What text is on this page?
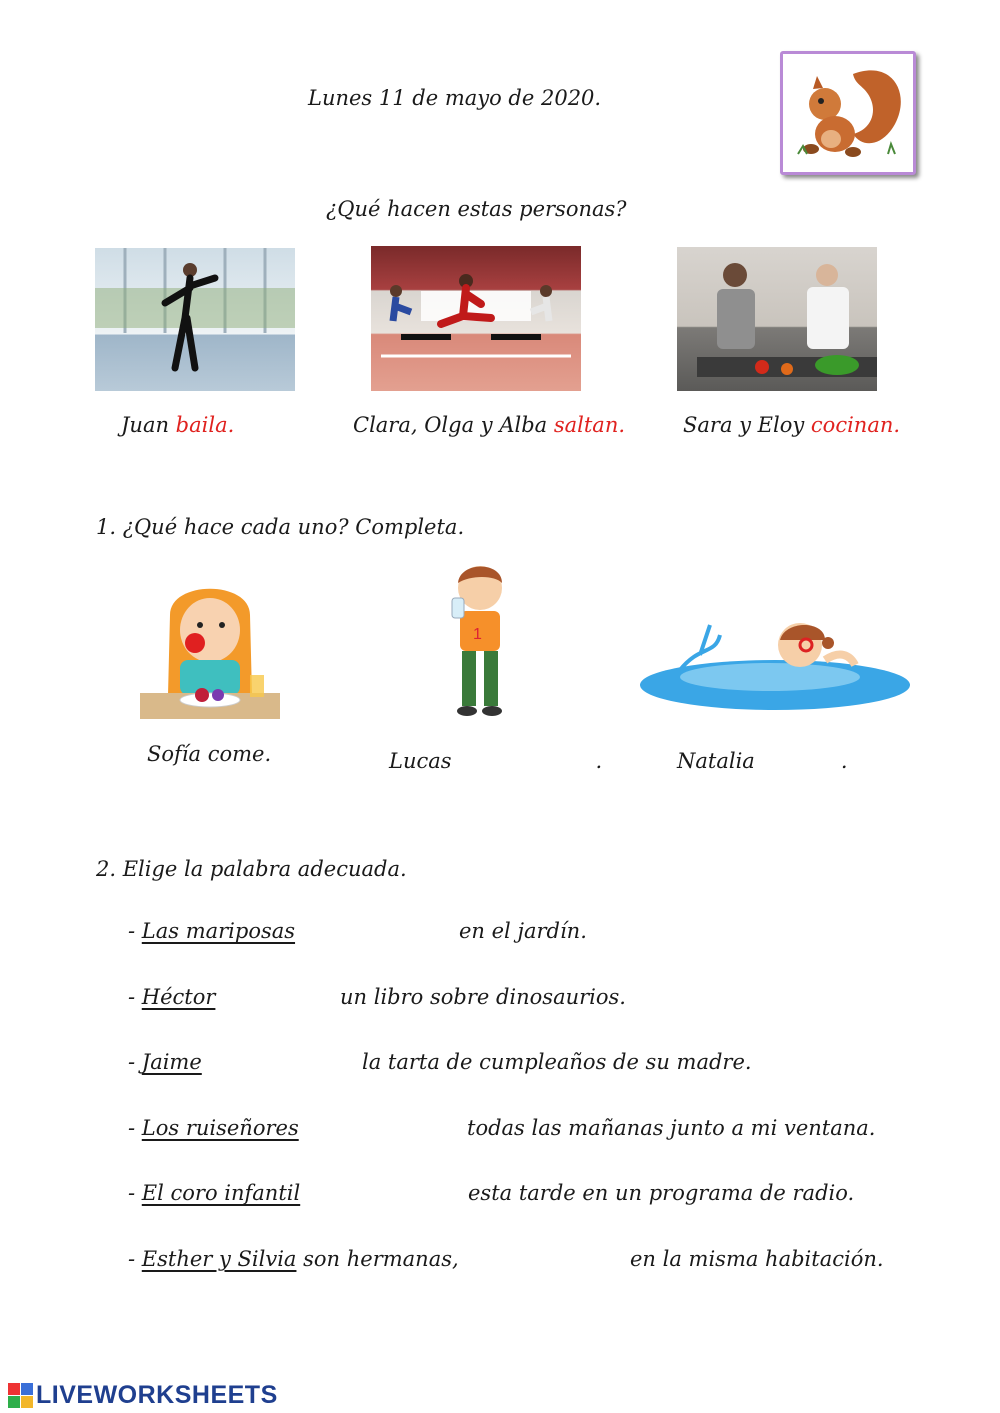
Lunes 11 de mayo de 2020.
¿Qué hacen estas personas?
Juan baila.	Clara, Olga y Alba saltan.	Sara y Eloy cocinan.
1. ¿Qué hace cada uno? Completa.
1
Sofía come.	Lucas	.	Natalia	.
2. Elige la palabra adecuada.
- Las mariposas	en el jardín.
- Héctor	un libro sobre dinosaurios.
- Jaime	la tarta de cumpleaños de su madre.
- Los ruiseñores	todas las mañanas junto a mi ventana.
- El coro infantil	esta tarde en un programa de radio.
- Esther y Silvia son hermanas,	en la misma habitación.
LIVEWORKSHEETS
